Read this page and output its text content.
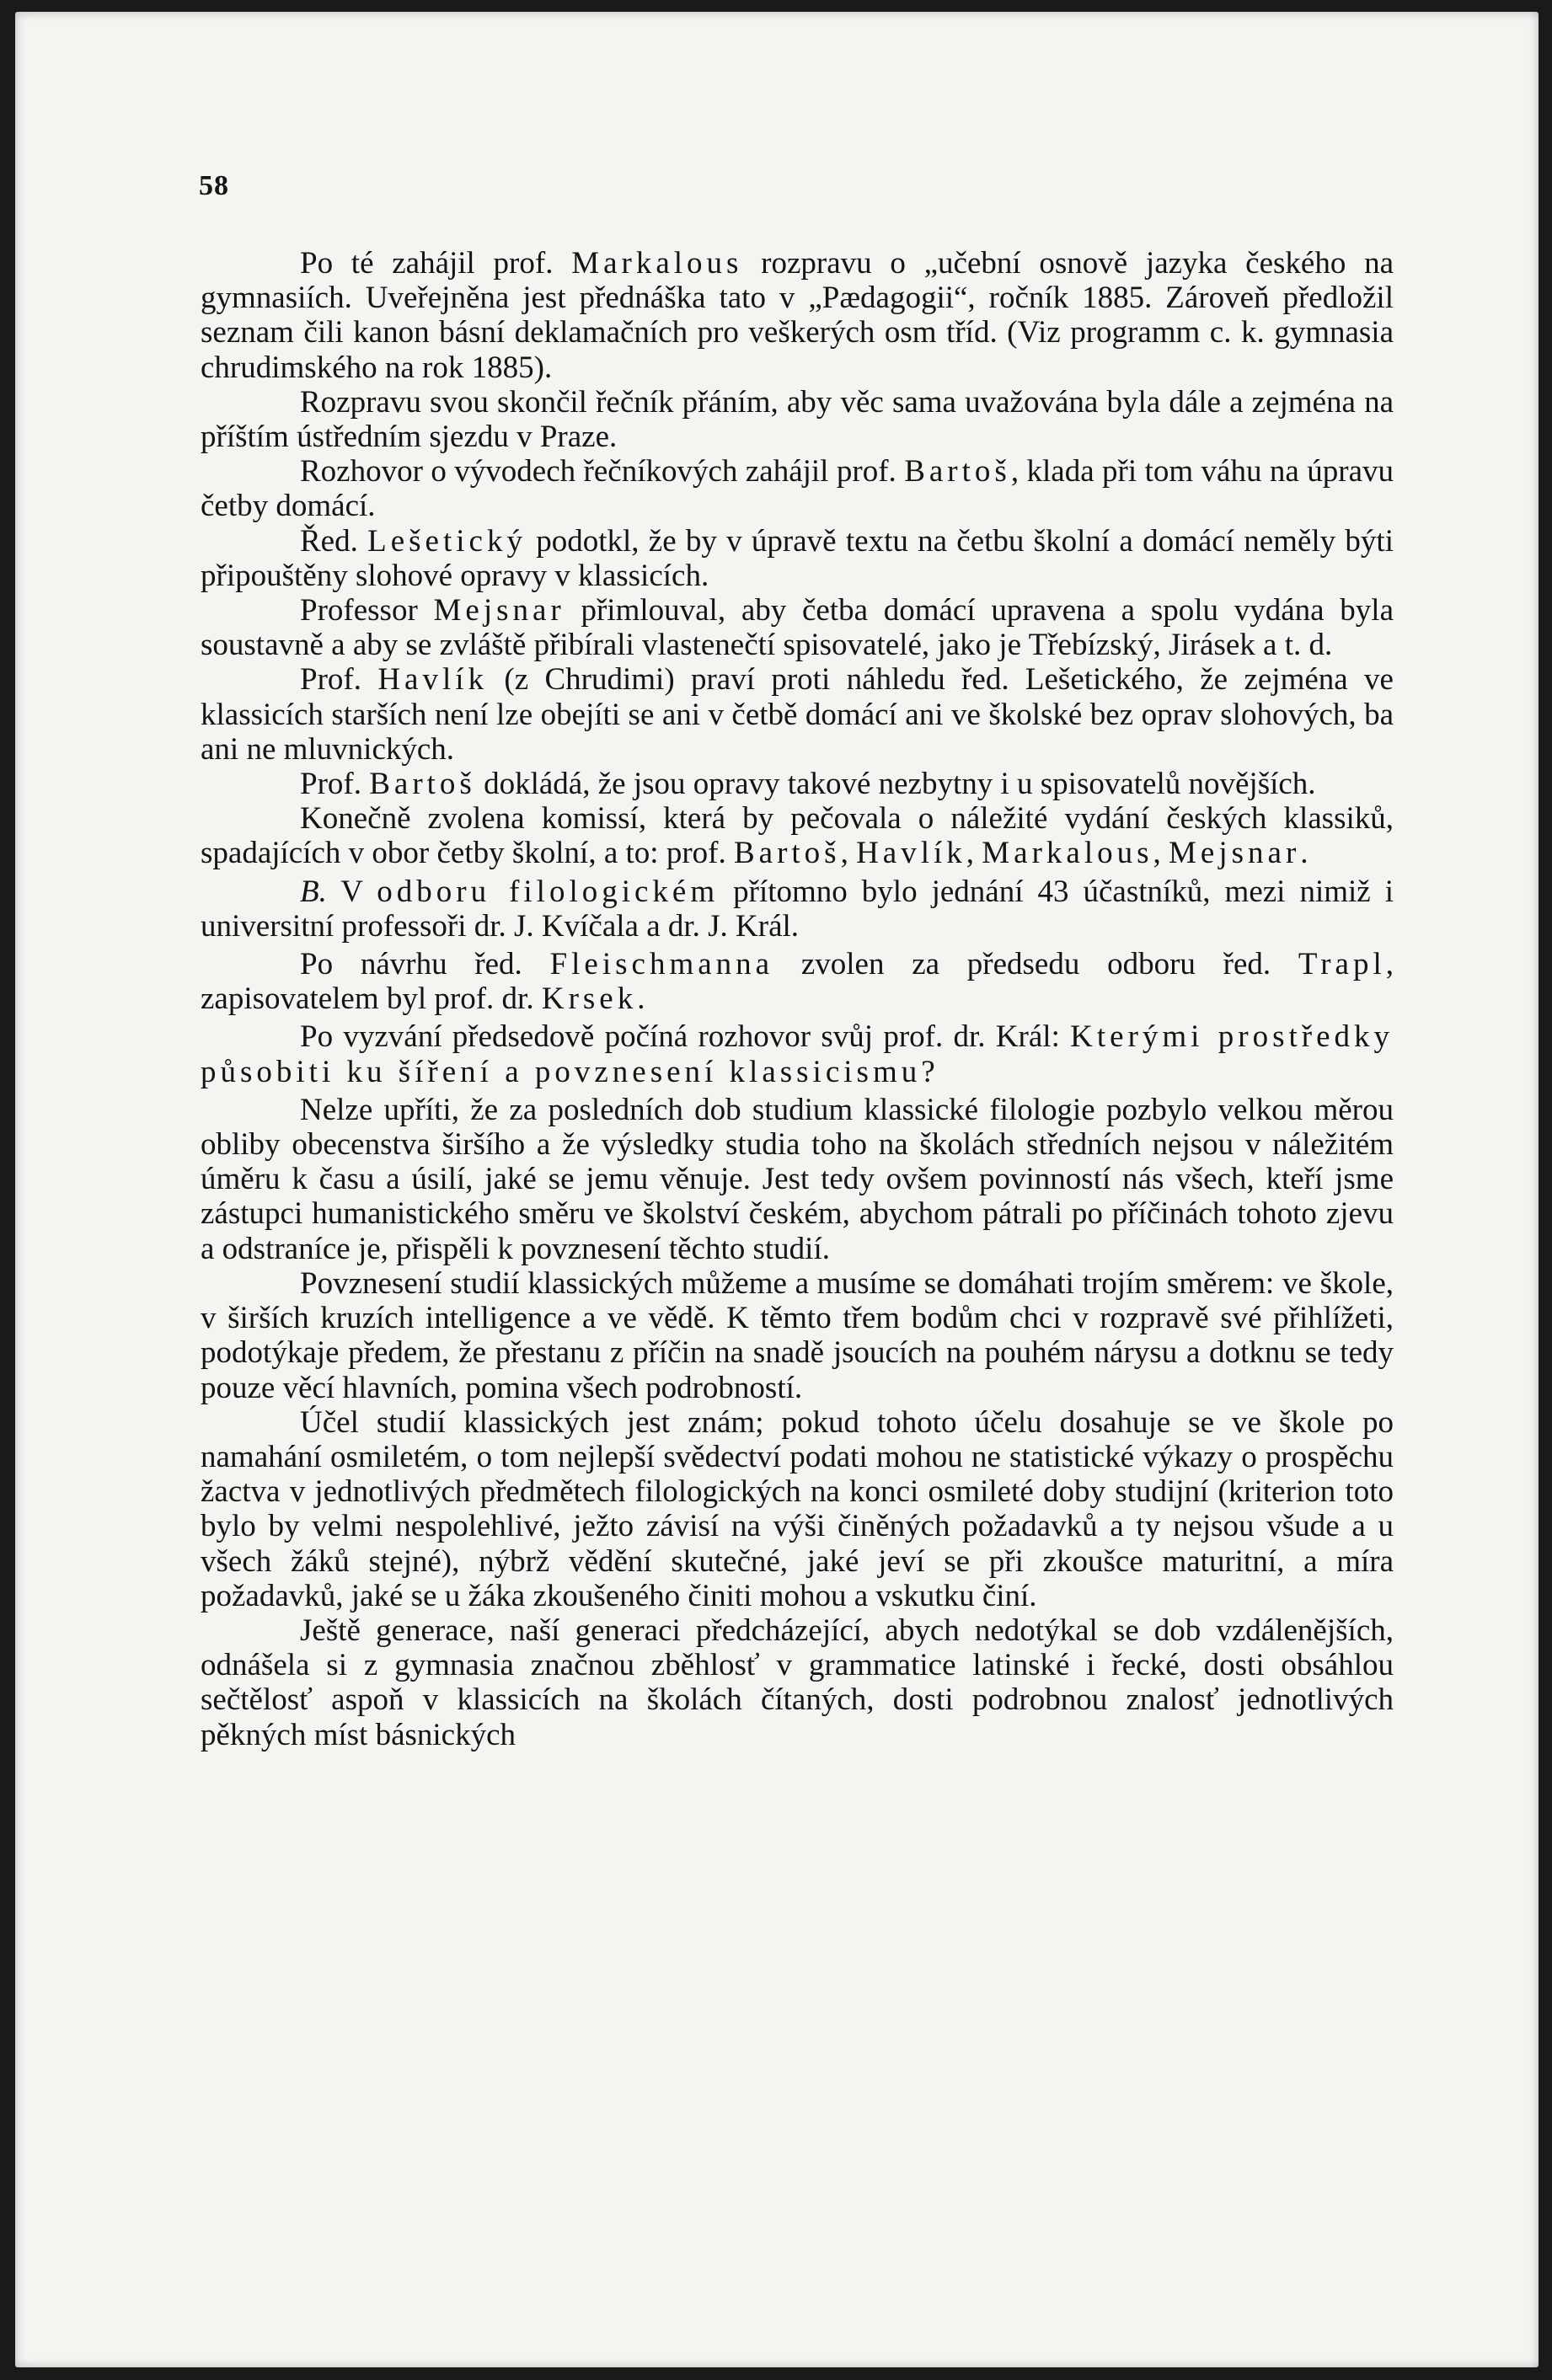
58

Po té zahájil prof. Markalous rozpravu o „učební osnově jazyka českého na gymnasiích. Uveřejněna jest přednáška tato v „Pædagogii“, ročník 1885. Zároveň předložil seznam čili kanon básní deklamačních pro veškerých osm tříd. (Viz programm c. k. gymnasia chrudimského na rok 1885).

Rozpravu svou skončil řečník přáním, aby věc sama uvažována byla dále a zejména na příštím ústředním sjezdu v Praze.

Rozhovor o vývodech řečníkových zahájil prof. Bartoš, klada při tom váhu na úpravu četby domácí.

Řed. Lešetický podotkl, že by v úpravě textu na četbu školní a domácí neměly býti připouštěny slohové opravy v klassicích.

Professor Mejsnar přimlouval, aby četba domácí upravena a spolu vydána byla soustavně a aby se zvláště přibírali vlastenečtí spisovatelé, jako je Třebízský, Jirásek a t. d.

Prof. Havlík (z Chrudimi) praví proti náhledu řed. Lešetického, že zejména ve klassicích starších není lze obejíti se ani v četbě domácí ani ve školské bez oprav slohových, ba ani ne mluvnických.

Prof. Bartoš dokládá, že jsou opravy takové nezbytny i u spisovatelů novějších.

Konečně zvolena komissí, která by pečovala o náležité vydání českých klassiků, spadajících v obor četby školní, a to: prof. Bartoš, Havlík, Markalous, Mejsnar.

B. V odboru filologickém přítomno bylo jednání 43 účastníků, mezi nimiž i universitní professoři dr. J. Kvíčala a dr. J. Král.

Po návrhu řed. Fleischmanna zvolen za předsedu odboru řed. Trapl, zapisovatelem byl prof. dr. Krsek.

Po vyzvání předsedově počíná rozhovor svůj prof. dr. Král: Kterými prostředky působiti ku šíření a povznesení klassicismu?

Nelze upříti, že za posledních dob studium klassické filologie pozbylo velkou měrou obliby obecenstva širšího a že výsledky studia toho na školách středních nejsou v náležitém úměru k času a úsilí, jaké se jemu věnuje. Jest tedy ovšem povinností nás všech, kteří jsme zástupci humanistického směru ve školství českém, abychom pátrali po příčinách tohoto zjevu a odstraníce je, přispěli k povznesení těchto studií.

Povznesení studií klassických můžeme a musíme se domáhati trojím směrem: ve škole, v širších kruzích intelligence a ve vědě. K těmto třem bodům chci v rozpravě své přihlížeti, podotýkaje předem, že přestanu z příčin na snadě jsoucích na pouhém nárysu a dotknu se tedy pouze věcí hlavních, pomina všech podrobností.

Účel studií klassických jest znám; pokud tohoto účelu dosahuje se ve škole po namahání osmiletém, o tom nejlepší svědectví podati mohou ne statistické výkazy o prospěchu žactva v jednotlivých předmětech filologických na konci osmileté doby studijní (kriterion toto bylo by velmi nespolehlivé, ježto závisí na výši činěných požadavků a ty nejsou všude a u všech žáků stejné), nýbrž vědění skutečné, jaké jeví se při zkoušce maturitní, a míra požadavků, jaké se u žáka zkoušeného činiti mohou a vskutku činí.

Ještě generace, naší generaci předcházející, abych nedotýkal se dob vzdálenějších, odnášela si z gymnasia značnou zběhlosť v grammatice latinské i řecké, dosti obsáhlou sečtělosť aspoň v klassicích na školách čítaných, dosti podrobnou znalosť jednotlivých pěkných míst básnických
